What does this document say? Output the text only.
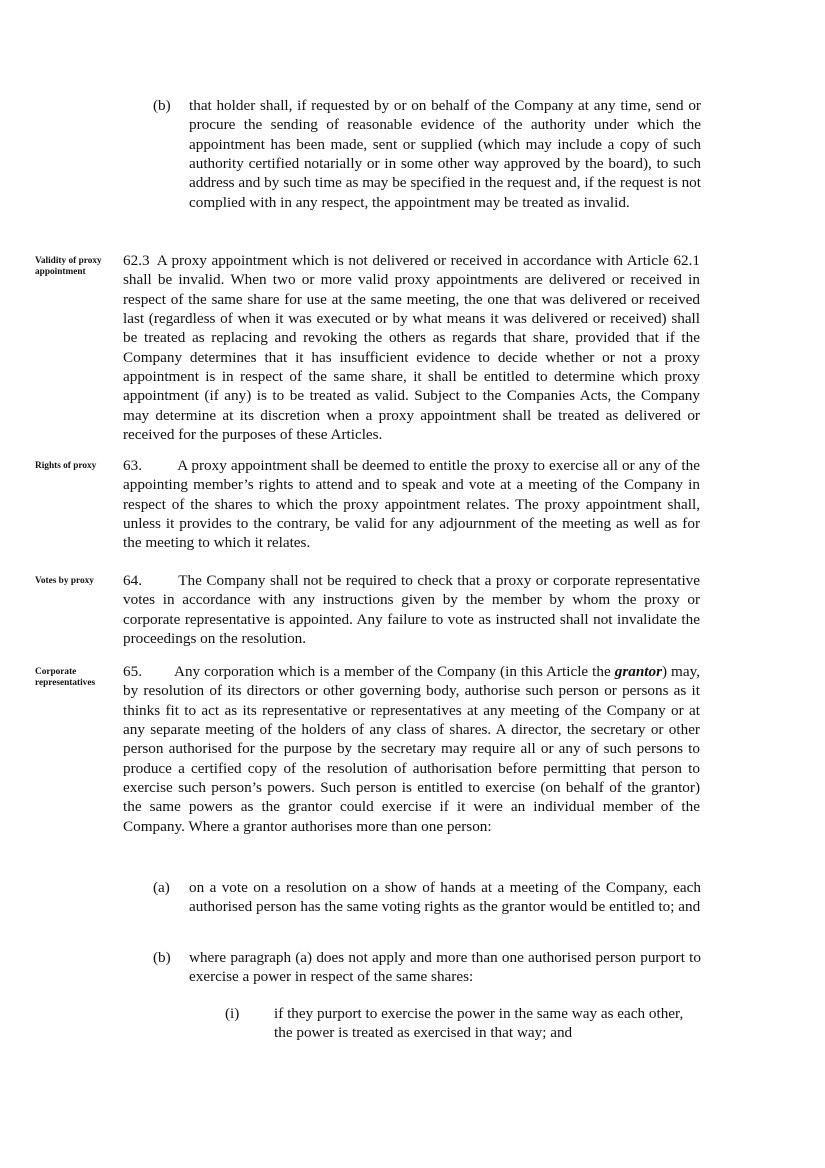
(b) that holder shall, if requested by or on behalf of the Company at any time, send or procure the sending of reasonable evidence of the authority under which the appointment has been made, sent or supplied (which may include a copy of such authority certified notarially or in some other way approved by the board), to such address and by such time as may be specified in the request and, if the request is not complied with in any respect, the appointment may be treated as invalid.
Validity of proxy appointment
62.3 A proxy appointment which is not delivered or received in accordance with Article 62.1 shall be invalid. When two or more valid proxy appointments are delivered or received in respect of the same share for use at the same meeting, the one that was delivered or received last (regardless of when it was executed or by what means it was delivered or received) shall be treated as replacing and revoking the others as regards that share, provided that if the Company determines that it has insufficient evidence to decide whether or not a proxy appointment is in respect of the same share, it shall be entitled to determine which proxy appointment (if any) is to be treated as valid. Subject to the Companies Acts, the Company may determine at its discretion when a proxy appointment shall be treated as delivered or received for the purposes of these Articles.
Rights of proxy	63. A proxy appointment shall be deemed to entitle the proxy to exercise all or any of the appointing member’s rights to attend and to speak and vote at a meeting of the Company in respect of the shares to which the proxy appointment relates. The proxy appointment shall, unless it provides to the contrary, be valid for any adjournment of the meeting as well as for the meeting to which it relates.
Votes by proxy	64. The Company shall not be required to check that a proxy or corporate representative votes in accordance with any instructions given by the member by whom the proxy or corporate representative is appointed. Any failure to vote as instructed shall not invalidate the proceedings on the resolution.
Corporate representatives
65. Any corporation which is a member of the Company (in this Article the grantor) may, by resolution of its directors or other governing body, authorise such person or persons as it thinks fit to act as its representative or representatives at any meeting of the Company or at any separate meeting of the holders of any class of shares. A director, the secretary or other person authorised for the purpose by the secretary may require all or any of such persons to produce a certified copy of the resolution of authorisation before permitting that person to exercise such person’s powers. Such person is entitled to exercise (on behalf of the grantor) the same powers as the grantor could exercise if it were an individual member of the Company. Where a grantor authorises more than one person:
(a) on a vote on a resolution on a show of hands at a meeting of the Company, each authorised person has the same voting rights as the grantor would be entitled to; and
(b) where paragraph (a) does not apply and more than one authorised person purport to exercise a power in respect of the same shares:
(i) if they purport to exercise the power in the same way as each other, the power is treated as exercised in that way; and
